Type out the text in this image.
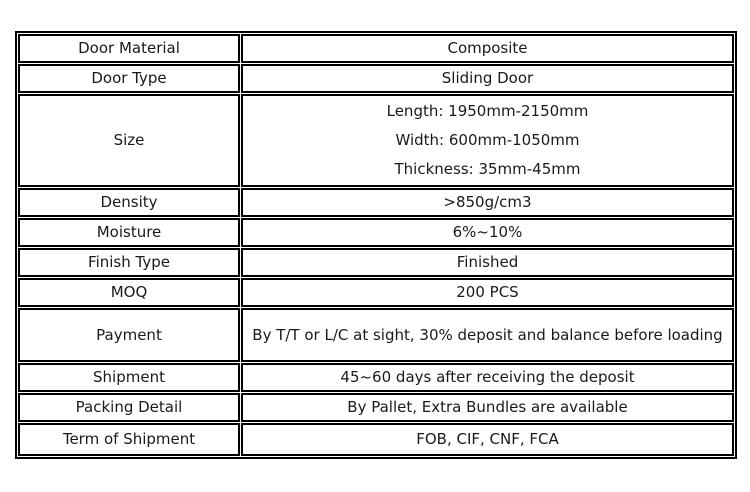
Door Material	Composite
Door Type	Sliding Door
Size	Length: 1950mm-2150mm
Width: 600mm-1050mm
Thickness: 35mm-45mm

Density	>850g/cm3
Moisture	6%~10%
Finish Type	Finished
MOQ	200 PCS
Payment	By T/T or L/C at sight, 30% deposit and balance before loading
Shipment	45~60 days after receiving the deposit
Packing Detail	By Pallet, Extra Bundles are available
Term of Shipment	FOB, CIF, CNF, FCA
